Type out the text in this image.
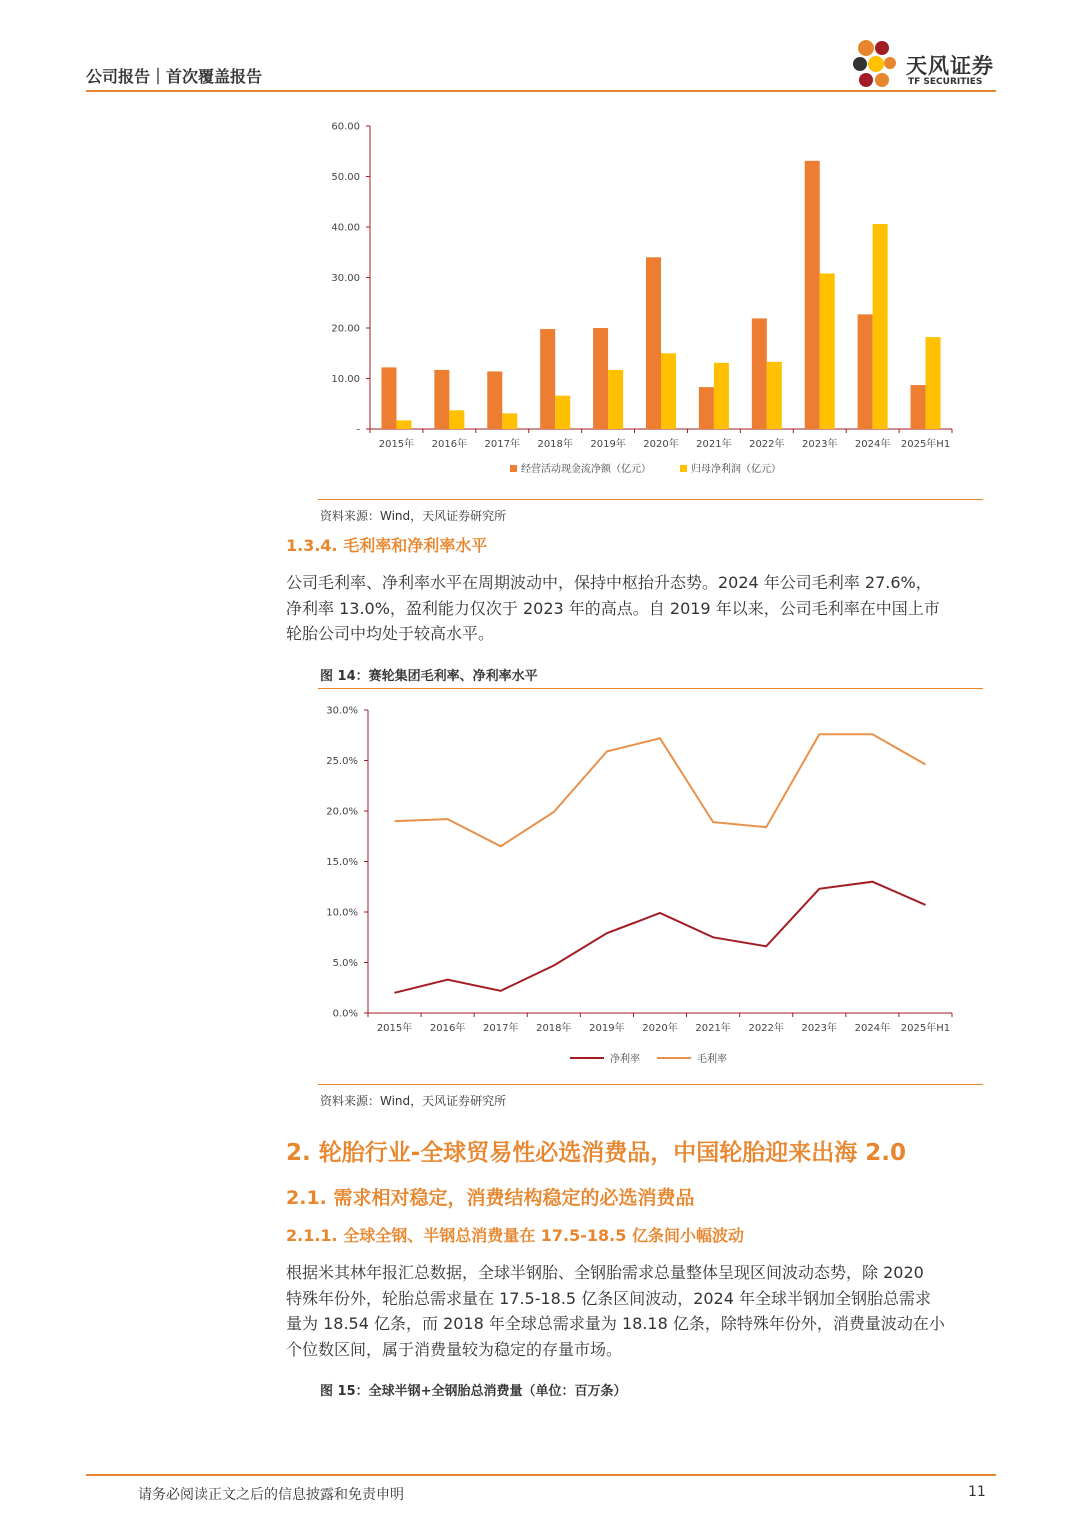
公司报告｜首次覆盖报告	天风证券
TF SECURITIES
-
10.00
20.00
30.00
40.00
50.00
60.00
2015年 2016年 2017年 2018年 2019年 2020年 2021年 2022年 2023年 2024年 2025年H1
经营活动现金流净额（亿元）	归母净利润（亿元）
资料来源：Wind，天风证券研究所
1.3.4. 毛利率和净利率水平
公司毛利率、净利率水平在周期波动中，保持中枢抬升态势。2024 年公司毛利率 27.6%，
净利率 13.0%，盈利能力仅次于 2023 年的高点。自 2019 年以来，公司毛利率在中国上市
轮胎公司中均处于较高水平。
图 14：赛轮集团毛利率、净利率水平
0.0%
5.0%
10.0%
15.0%
20.0%
25.0%
30.0%
2015年 2016年 2017年 2018年 2019年 2020年 2021年 2022年 2023年 2024年 2025年H1
净利率	毛利率
资料来源：Wind，天风证券研究所
2. 轮胎行业-全球贸易性必选消费品，中国轮胎迎来出海 2.0
2.1. 需求相对稳定，消费结构稳定的必选消费品
2.1.1. 全球全钢、半钢总消费量在 17.5-18.5 亿条间小幅波动
根据米其林年报汇总数据，全球半钢胎、全钢胎需求总量整体呈现区间波动态势，除 2020
特殊年份外，轮胎总需求量在 17.5-18.5 亿条区间波动，2024 年全球半钢加全钢胎总需求
量为 18.54 亿条，而 2018 年全球总需求量为 18.18 亿条，除特殊年份外，消费量波动在小
个位数区间，属于消费量较为稳定的存量市场。
图 15：全球半钢+全钢胎总消费量（单位：百万条）
请务必阅读正文之后的信息披露和免责申明	11
